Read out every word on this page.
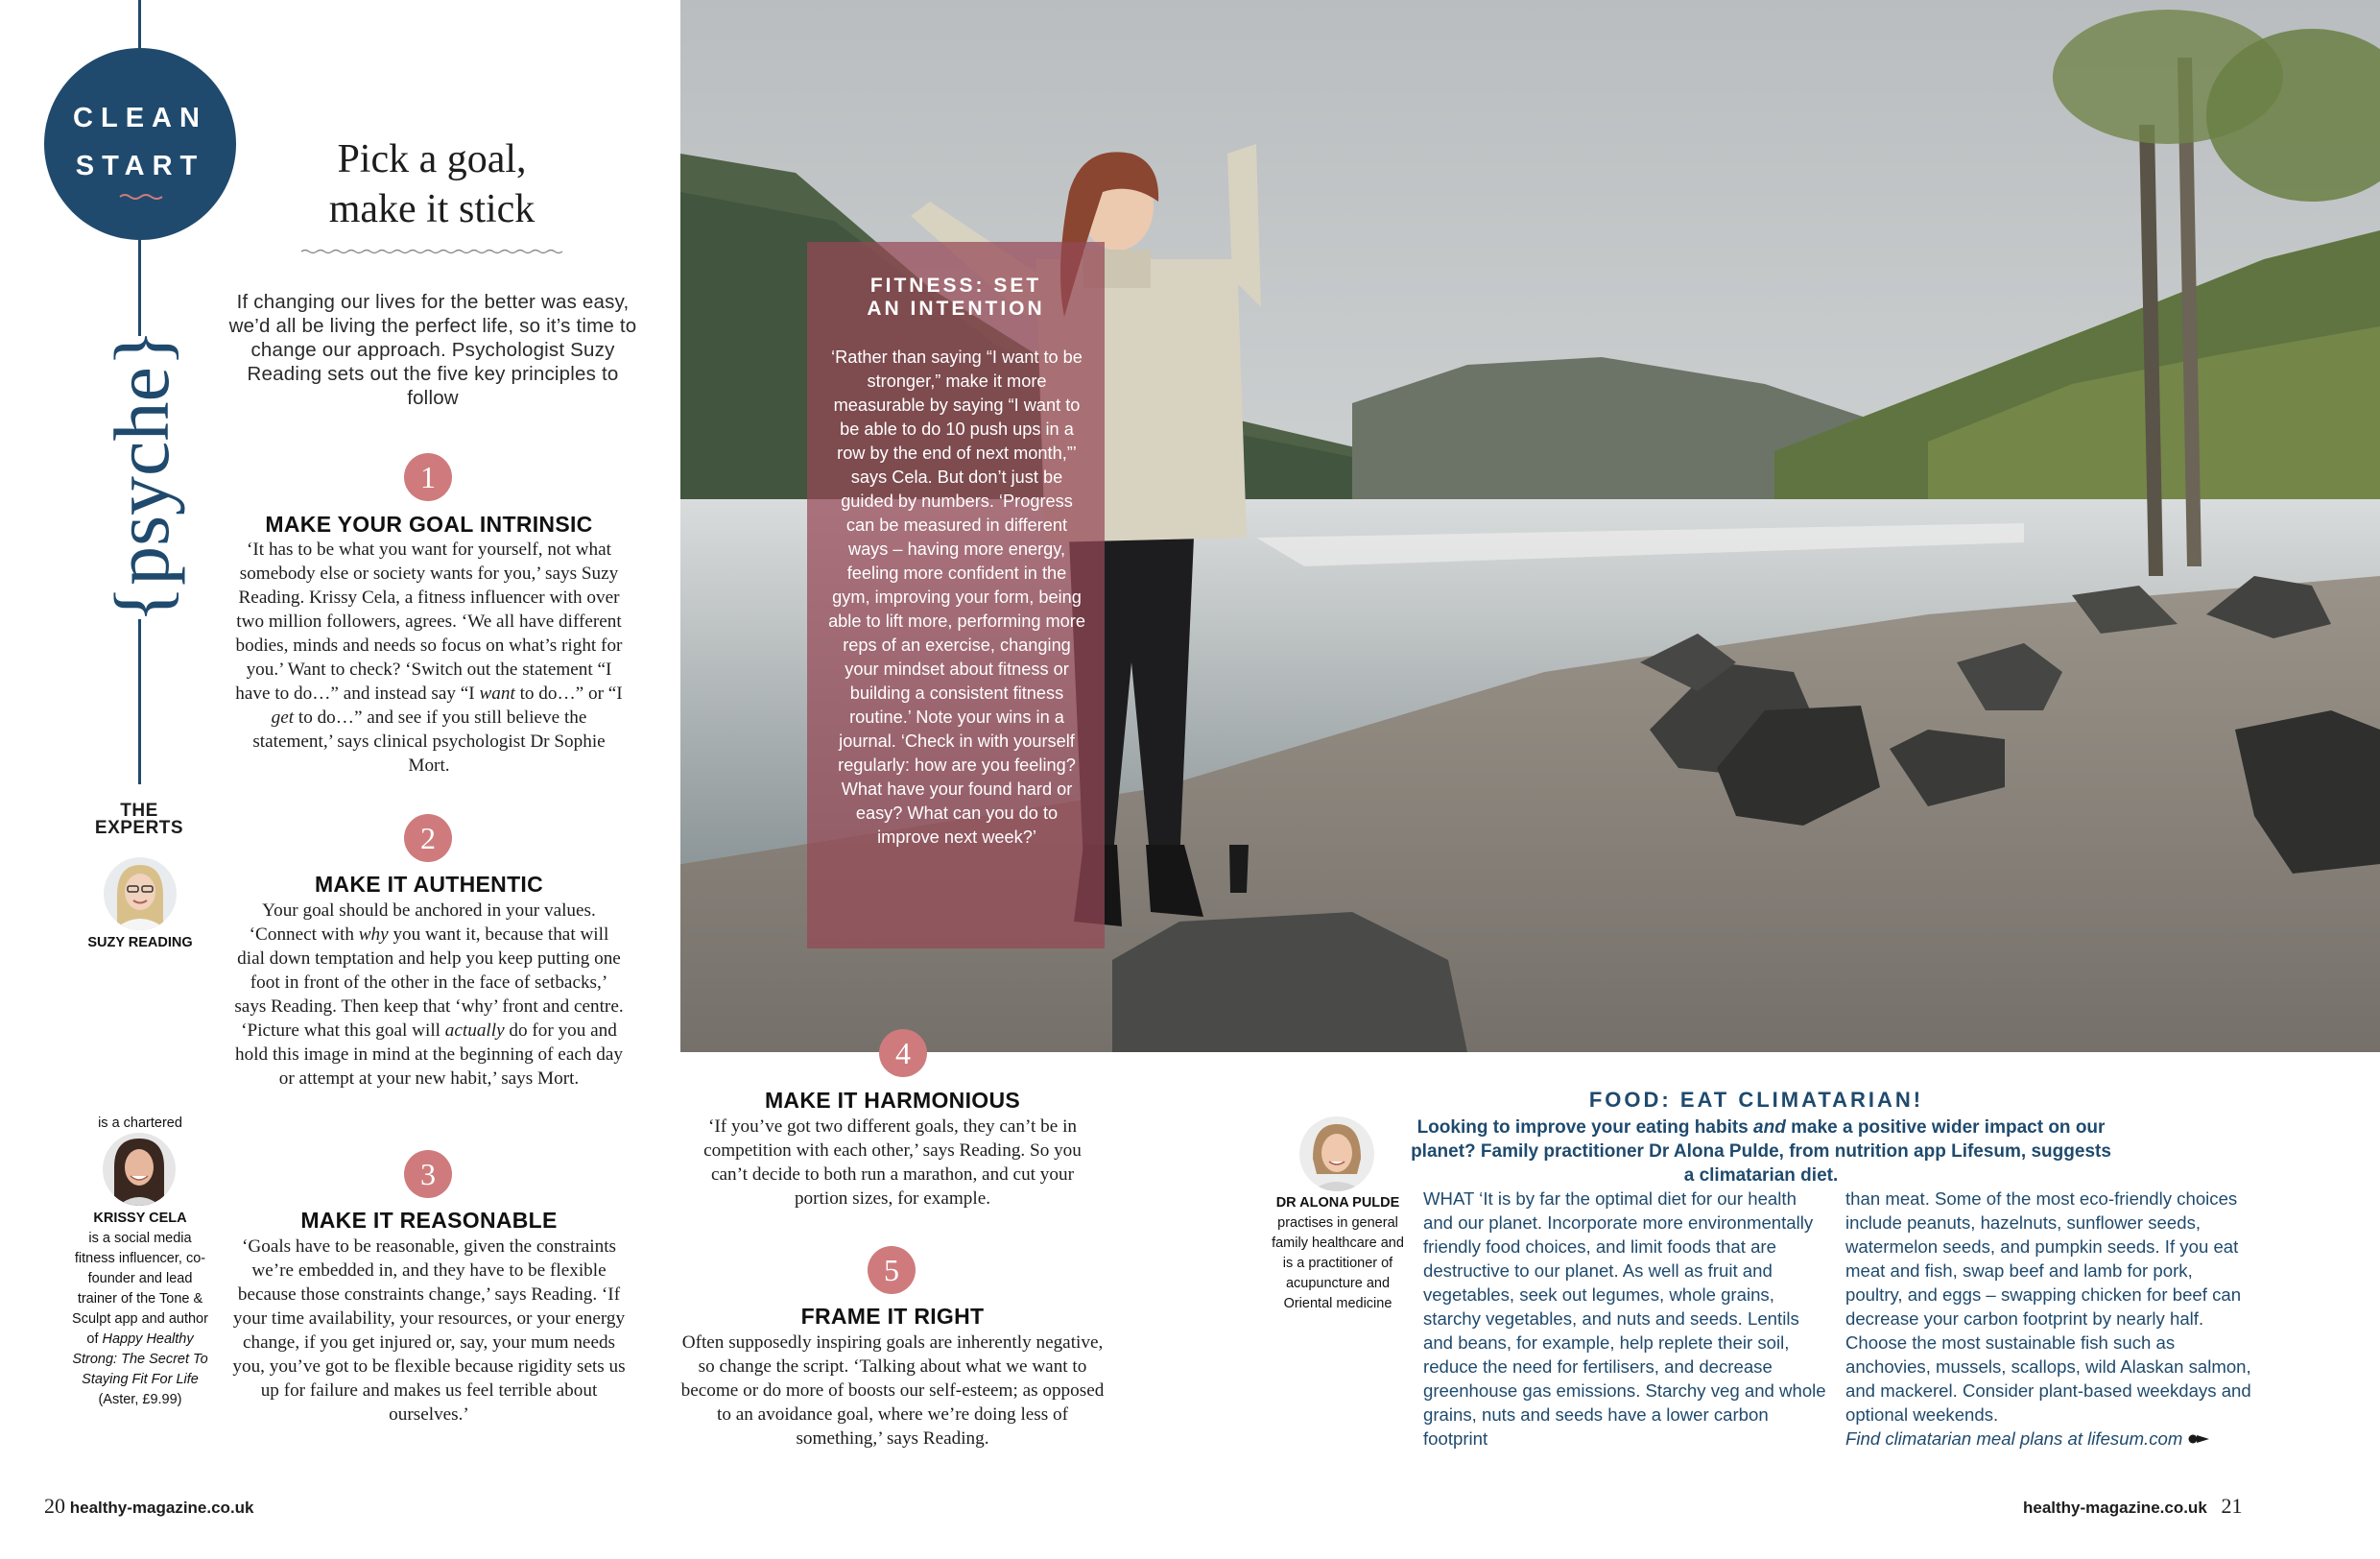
CLEAN
START
{psyche}
Pick a goal,
make it stick
If changing our lives for the better was easy, we’d all be living the perfect life, so it’s time to change our approach. Psychologist Suzy Reading sets out the five key principles to follow
1
MAKE YOUR GOAL INTRINSIC
‘It has to be what you want for yourself, not what somebody else or society wants for you,’ says Suzy Reading. Krissy Cela, a fitness influencer with over two million followers, agrees. ‘We all have different bodies, minds and needs so focus on what’s right for you.’ Want to check? ‘Switch out the statement “I have to do…” and instead say “I want to do…” or “I get to do…” and see if you still believe the statement,’ says clinical psychologist Dr Sophie Mort.
2
MAKE IT AUTHENTIC
Your goal should be anchored in your values. ‘Connect with why you want it, because that will dial down temptation and help you keep putting one foot in front of the other in the face of setbacks,’ says Reading. Then keep that ‘why’ front and centre. ‘Picture what this goal will actually do for you and hold this image in mind at the beginning of each day or attempt at your new habit,’ says Mort.
3
MAKE IT REASONABLE
‘Goals have to be reasonable, given the constraints we’re embedded in, and they have to be flexible because those constraints change,’ says Reading. ‘If your time availability, your resources, or your energy change, if you get injured or, say, your mum needs you, you’ve got to be flexible because rigidity sets us up for failure and makes us feel terrible about ourselves.’
THE
EXPERTS
SUZY READING
is a chartered
KRISSY CELA
is a social media fitness influencer, co-founder and lead trainer of the Tone & Sculpt app and author of Happy Healthy Strong: The Secret To Staying Fit For Life (Aster, £9.99)
20 healthy-magazine.co.uk
FITNESS: SET
AN INTENTION
‘Rather than saying “I want to be stronger,” make it more measurable by saying “I want to be able to do 10 push ups in a row by the end of next month,”’ says Cela. But don’t just be guided by numbers. ‘Progress can be measured in different ways – having more energy, feeling more confident in the gym, improving your form, being able to lift more, performing more reps of an exercise, changing your mindset about fitness or building a consistent fitness routine.’ Note your wins in a journal. ‘Check in with yourself regularly: how are you feeling? What have your found hard or easy? What can you do to improve next week?’
4
MAKE IT HARMONIOUS
‘If you’ve got two different goals, they can’t be in competition with each other,’ says Reading. So you can’t decide to both run a marathon, and cut your portion sizes, for example.
5
FRAME IT RIGHT
Often supposedly inspiring goals are inherently negative, so change the script. ‘Talking about what we want to become or do more of boosts our self-esteem; as opposed to an avoidance goal, where we’re doing less of something,’ says Reading.
FOOD: EAT CLIMATARIAN!
Looking to improve your eating habits and make a positive wider impact on our planet? Family practitioner Dr Alona Pulde, from nutrition app Lifesum, suggests a climatarian diet.
DR ALONA PULDE
practises in general family healthcare and is a practitioner of acupuncture and Oriental medicine
WHAT ‘It is by far the optimal diet for our health and our planet. Incorporate more environmentally friendly food choices, and limit foods that are destructive to our planet. As well as fruit and vegetables, seek out legumes, whole grains, starchy vegetables, and nuts and seeds. Lentils and beans, for example, help replete their soil, reduce the need for fertilisers, and decrease greenhouse gas emissions. Starchy veg and whole grains, nuts and seeds have a lower carbon footprint
than meat. Some of the most eco-friendly choices include peanuts, hazelnuts, sunflower seeds, watermelon seeds, and pumpkin seeds. If you eat meat and fish, swap beef and lamb for pork, poultry, and eggs – swapping chicken for beef can decrease your carbon footprint by nearly half. Choose the most sustainable fish such as anchovies, mussels, scallops, wild Alaskan salmon, and mackerel. Consider plant-based weekdays and optional weekends.
Find climatarian meal plans at lifesum.com
healthy-magazine.co.uk 21
